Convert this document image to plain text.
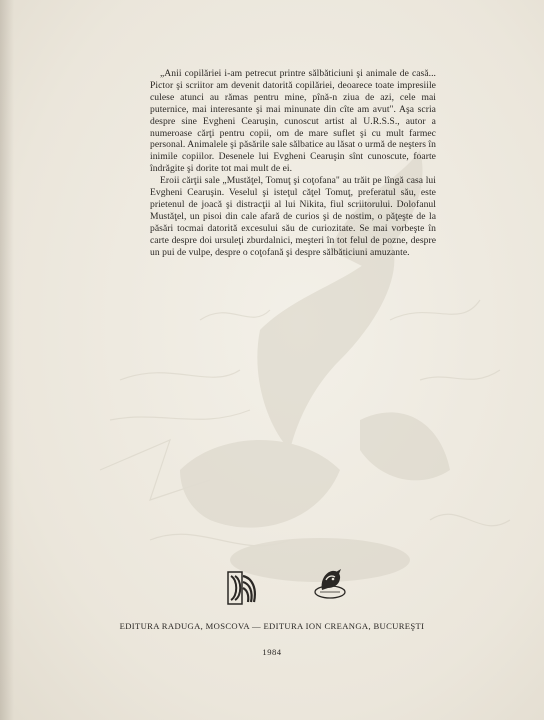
„Anii copilăriei i-am petrecut printre sălbăticiuni şi animale de casă... Pictor şi scriitor am devenit datorită copilăriei, deoarece toate impresiile culese atunci au rămas pentru mine, pînă-n ziua de azi, cele mai puternice, mai interesante şi mai minunate din cîte am avut". Aşa scria despre sine Evgheni Cearuşin, cunoscut artist al U.R.S.S., autor a numeroase cărţi pentru copii, om de mare suflet şi cu mult farmec personal. Animalele şi păsările sale sălbatice au lăsat o urmă de neşters în inimile copiilor. Desenele lui Evgheni Cearuşin sînt cunoscute, foarte îndrăgite şi dorite tot mai mult de ei.

Eroii cărţii sale „Mustăţel, Tomuţ şi coţofana" au trăit pe lîngă casa lui Evgheni Cearuşin. Veselul şi isteţul căţel Tomuţ, preferatul său, este prietenul de joacă şi distracţii al lui Nikita, fiul scriitorului. Dolofanul Mustăţel, un pisoi din cale afară de curios şi de nostim, o păţeşte de la păsări tocmai datorită excesului său de curiozitate. Se mai vorbeşte în carte despre doi ursuleţi zburdalnici, meşteri în tot felul de pozne, despre un pui de vulpe, despre o coţofană şi despre sălbăticiuni amuzante.

EDITURA RADUGA, MOSCOVA — EDITURA ION CREANGA, BUCUREŞTI
1984
